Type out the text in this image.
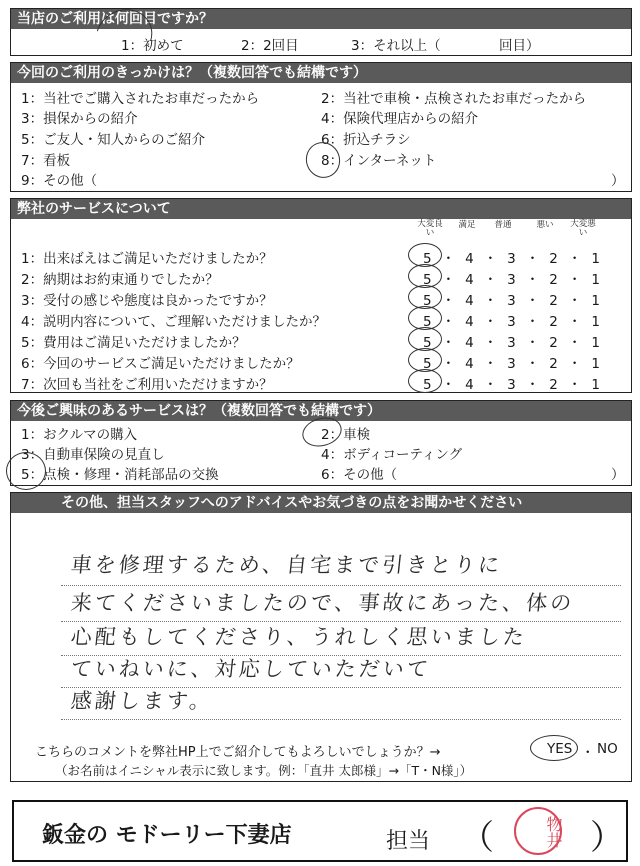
当店のご利用は何回目ですか？
1：初めて	2：2回目	3：それ以上（	回目）
今回のご利用のきっかけは？（複数回答でも結構です）
1：当社でご購入されたお車だったから	2：当社で車検・点検されたお車だったから
3：損保からの紹介	4：保険代理店からの紹介
5：ご友人・知人からのご紹介	6：折込チラシ
7：看板	8：インターネット
9：その他（	）
弊社のサービスについて
大変良い
満足	普通	悪い	大変悪い
1：出来ばえはご満足いただけましたか？	5・4・3・2・1
2：納期はお約束通りでしたか？	5・4・3・2・1
3：受付の感じや態度は良かったですか？	5・4・3・2・1
4：説明内容について、ご理解いただけましたか？	5・4・3・2・1
5：費用はご満足いただけましたか？	5・4・3・2・1
6：今回のサービスご満足いただけましたか？	5・4・3・2・1
7：次回も当社をご利用いただけますか？	5・4・3・2・1
今後ご興味のあるサービスは？（複数回答でも結構です）
1：おクルマの購入	2：車検
3：自動車保険の見直し	4：ボディコーティング
5：点検・修理・消耗部品の交換	6：その他（	）
その他、担当スタッフへのアドバイスやお気づきの点をお聞かせください
車を修理するため、自宅まで引きとりに
来てくださいましたので、事故にあった、体の
心配もしてくださり、うれしく思いました
ていねいに、対応していただいて
感謝します。
こちらのコメントを弊社HP上でご紹介してもよろしいでしょうか？→	YES ・ NO
（お名前はイニシャル表示に致します。例：「直井 太郎様」→「T・N様」）
鈑金の モドーリー下妻店	担当 （	）
物井
